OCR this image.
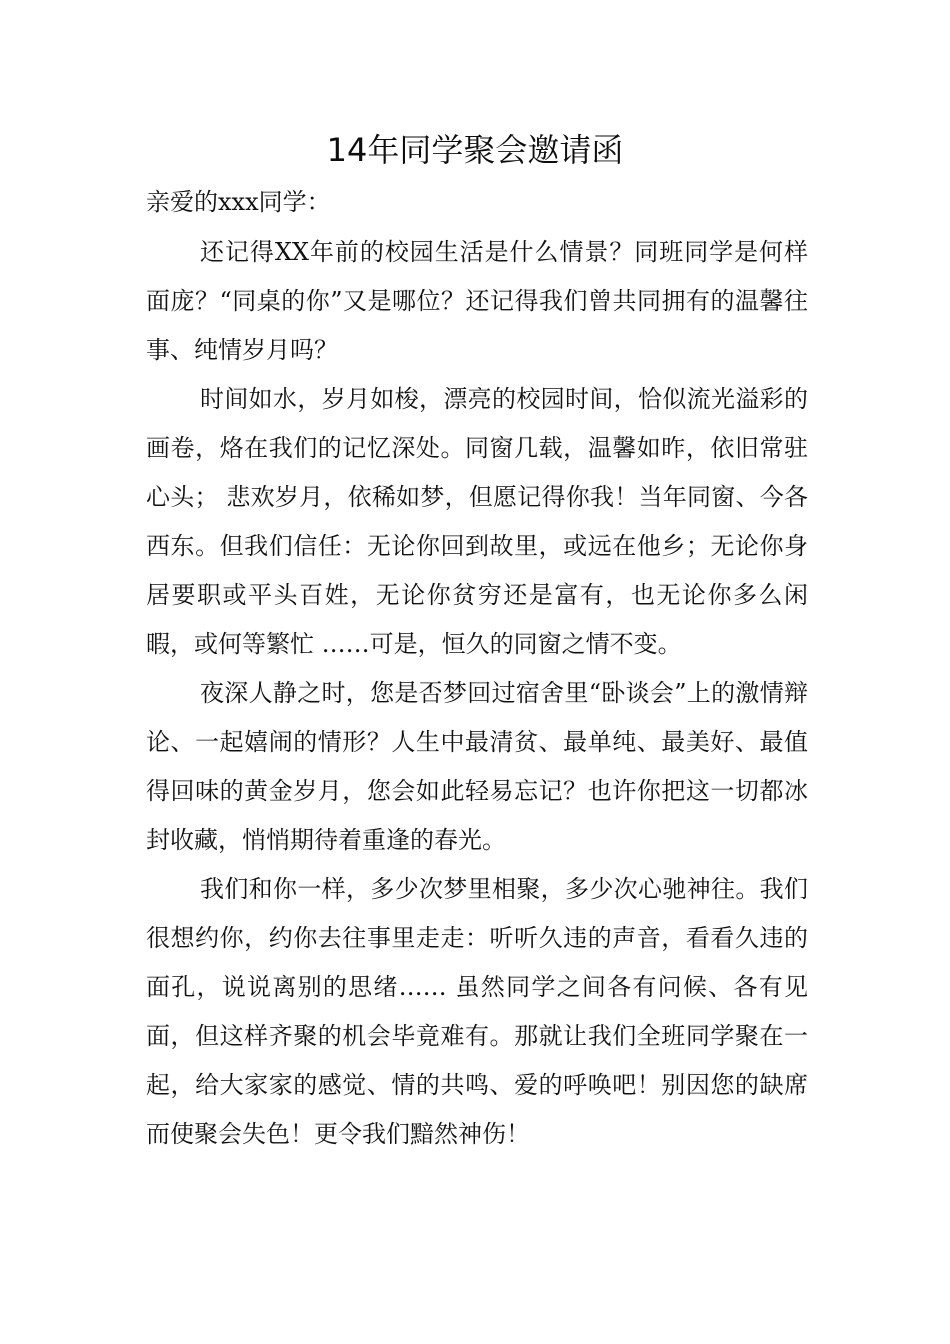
14年同学聚会邀请函

亲爱的xxx同学：

还记得XX年前的校园生活是什么情景？同班同学是何样面庞？“同桌的你”又是哪位？还记得我们曾共同拥有的温馨往事、纯情岁月吗？

时间如水，岁月如梭，漂亮的校园时间，恰似流光溢彩的画卷，烙在我们的记忆深处。同窗几载，温馨如昨，依旧常驻心头； 悲欢岁月，依稀如梦，但愿记得你我！当年同窗、今各西东。但我们信任：无论你回到故里，或远在他乡；无论你身居要职或平头百姓，无论你贫穷还是富有，也无论你多么闲暇，或何等繁忙 ……可是，恒久的同窗之情不变。

夜深人静之时，您是否梦回过宿舍里“卧谈会”上的激情辩论、一起嬉闹的情形？人生中最清贫、最单纯、最美好、最值得回味的黄金岁月，您会如此轻易忘记？也许你把这一切都冰封收藏，悄悄期待着重逢的春光。

我们和你一样，多少次梦里相聚，多少次心驰神往。我们很想约你，约你去往事里走走：听听久违的声音，看看久违的面孔，说说离别的思绪…… 虽然同学之间各有问候、各有见面，但这样齐聚的机会毕竟难有。那就让我们全班同学聚在一起，给大家家的感觉、情的共鸣、爱的呼唤吧！别因您的缺席而使聚会失色！更令我们黯然神伤！
